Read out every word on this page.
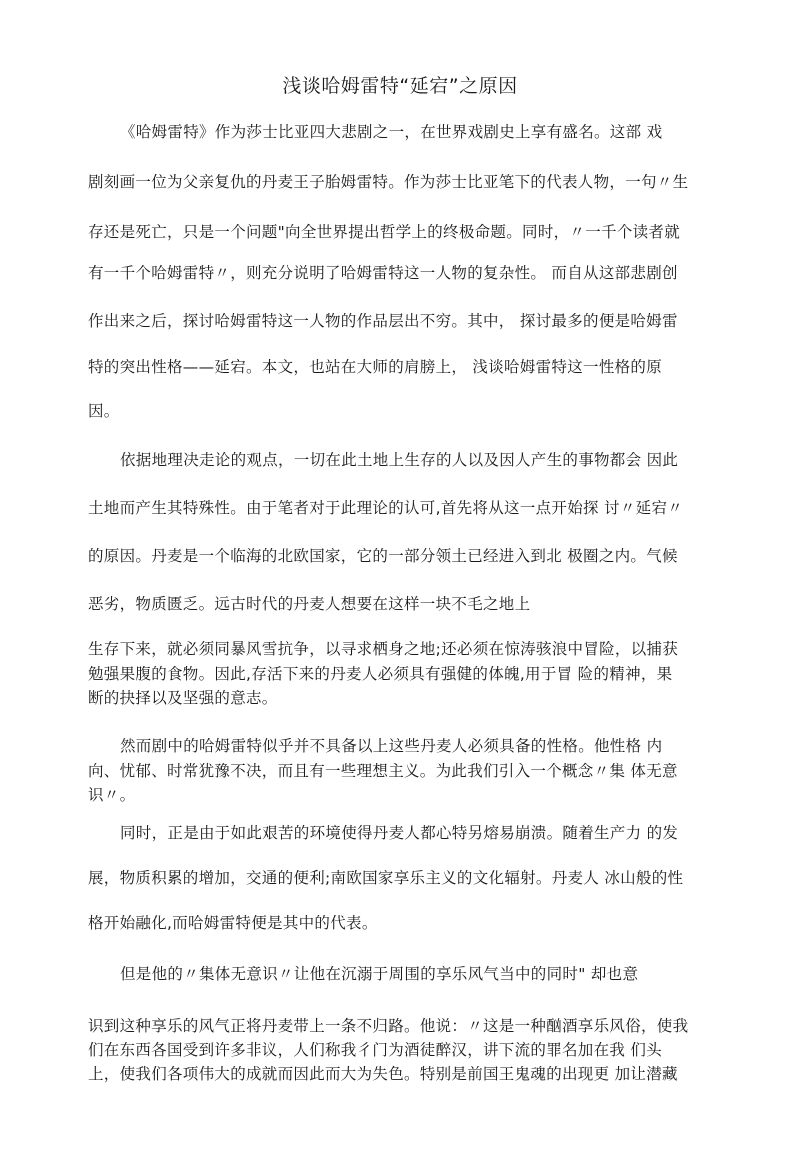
浅谈哈姆雷特“延宕”之原因
《哈姆雷特》作为莎士比亚四大悲剧之一，在世界戏剧史上享有盛名。这部 戏
剧刻画一位为父亲复仇的丹麦王子胎姆雷特。作为莎士比亚笔下的代表人物，一句〃生
存还是死亡，只是一个问题"向全世界提出哲学上的终极命题。同时，〃一千个读者就
有一千个哈姆雷特〃，则充分说明了哈姆雷特这一人物的复杂性。 而自从这部悲剧创
作出来之后，探讨哈姆雷特这一人物的作品层出不穷。其中， 探讨最多的便是哈姆雷
特的突出性格——延宕。本文，也站在大师的肩膀上， 浅谈哈姆雷特这一性格的原
因。
依据地理决走论的观点，一切在此土地上生存的人以及因人产生的事物都会 因此
土地而产生其特殊性。由于笔者对于此理论的认可,首先将从这一点开始探 讨〃延宕〃
的原因。丹麦是一个临海的北欧国家，它的一部分领土已经进入到北 极圈之内。气候
恶劣，物质匮乏。远古时代的丹麦人想要在这样一块不毛之地上
生存下来，就必须同暴风雪抗争，以寻求栖身之地;还必须在惊涛骇浪中冒险，以捕获
勉强果腹的食物。因此,存活下来的丹麦人必须具有强健的体魄,用于冒 险的精神，果
断的抉择以及坚强的意志。
然而剧中的哈姆雷特似乎并不具备以上这些丹麦人必须具备的性格。他性格 内
向、忧郁、时常犹豫不决，而且有一些理想主义。为此我们引入一个概念〃集 体无意
识〃。
同时，正是由于如此艰苦的环境使得丹麦人都心特另熔易崩溃。随着生产力 的发
展，物质积累的增加，交通的便利;南欧国家享乐主义的文化辐射。丹麦人 冰山般的性
格开始融化,而哈姆雷特便是其中的代表。
但是他的〃集体无意识〃让他在沉溺于周围的享乐风气当中的同时" 却也意
识到这种享乐的风气正将丹麦带上一条不归路。他说：〃这是一种酗酒享乐风俗，使我
们在东西各国受到许多非议，人们称我彳门为酒徒醉汉，讲下流的罪名加在我 们头
上，使我们各项伟大的成就而因此而大为失色。特别是前国王鬼魂的出现更 加让潜藏
